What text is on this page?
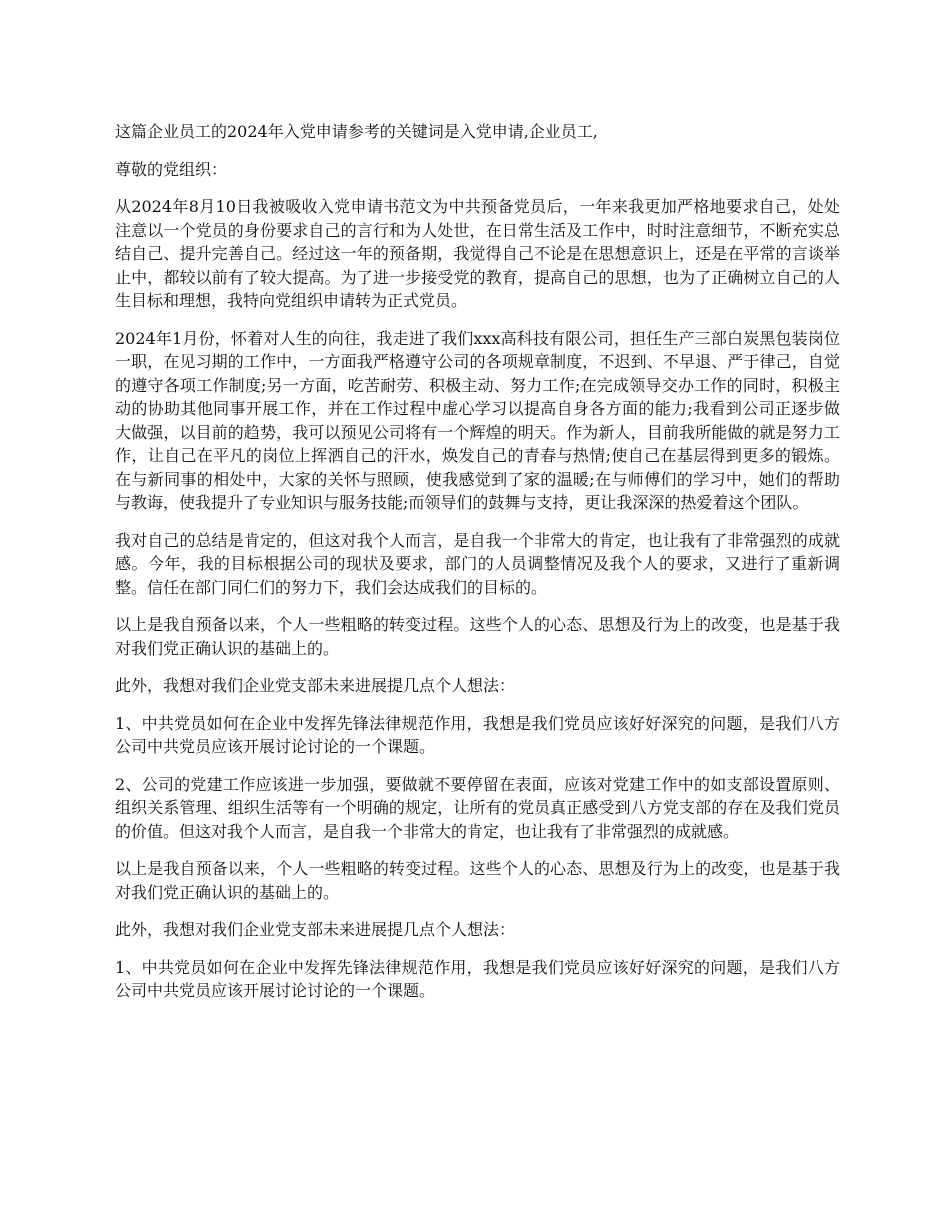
这篇企业员工的2024年入党申请参考的关键词是入党申请,企业员工,

尊敬的党组织：

从2024年8月10日我被吸收入党申请书范文为中共预备党员后，一年来我更加严格地要求自己，处处注意以一个党员的身份要求自己的言行和为人处世，在日常生活及工作中，时时注意细节，不断充实总结自己、提升完善自己。经过这一年的预备期，我觉得自己不论是在思想意识上，还是在平常的言谈举止中，都较以前有了较大提高。为了进一步接受党的教育，提高自己的思想，也为了正确树立自己的人生目标和理想，我特向党组织申请转为正式党员。

2024年1月份，怀着对人生的向往，我走进了我们xxx高科技有限公司，担任生产三部白炭黑包装岗位一职，在见习期的工作中，一方面我严格遵守公司的各项规章制度，不迟到、不早退、严于律己，自觉的遵守各项工作制度;另一方面，吃苦耐劳、积极主动、努力工作;在完成领导交办工作的同时，积极主动的协助其他同事开展工作，并在工作过程中虚心学习以提高自身各方面的能力;我看到公司正逐步做大做强，以目前的趋势，我可以预见公司将有一个辉煌的明天。作为新人，目前我所能做的就是努力工作，让自己在平凡的岗位上挥洒自己的汗水，焕发自己的青春与热情;使自己在基层得到更多的锻炼。在与新同事的相处中，大家的关怀与照顾，使我感觉到了家的温暖;在与师傅们的学习中，她们的帮助与教诲，使我提升了专业知识与服务技能;而领导们的鼓舞与支持，更让我深深的热爱着这个团队。

我对自己的总结是肯定的，但这对我个人而言，是自我一个非常大的肯定，也让我有了非常强烈的成就感。今年，我的目标根据公司的现状及要求，部门的人员调整情况及我个人的要求，又进行了重新调整。信任在部门同仁们的努力下，我们会达成我们的目标的。

以上是我自预备以来，个人一些粗略的转变过程。这些个人的心态、思想及行为上的改变，也是基于我对我们党正确认识的基础上的。

此外，我想对我们企业党支部未来进展提几点个人想法：

1、中共党员如何在企业中发挥先锋法律规范作用，我想是我们党员应该好好深究的问题，是我们八方公司中共党员应该开展讨论讨论的一个课题。

2、公司的党建工作应该进一步加强，要做就不要停留在表面，应该对党建工作中的如支部设置原则、组织关系管理、组织生活等有一个明确的规定，让所有的党员真正感受到八方党支部的存在及我们党员的价值。但这对我个人而言，是自我一个非常大的肯定，也让我有了非常强烈的成就感。

以上是我自预备以来，个人一些粗略的转变过程。这些个人的心态、思想及行为上的改变，也是基于我对我们党正确认识的基础上的。

此外，我想对我们企业党支部未来进展提几点个人想法：

1、中共党员如何在企业中发挥先锋法律规范作用，我想是我们党员应该好好深究的问题，是我们八方公司中共党员应该开展讨论讨论的一个课题。
